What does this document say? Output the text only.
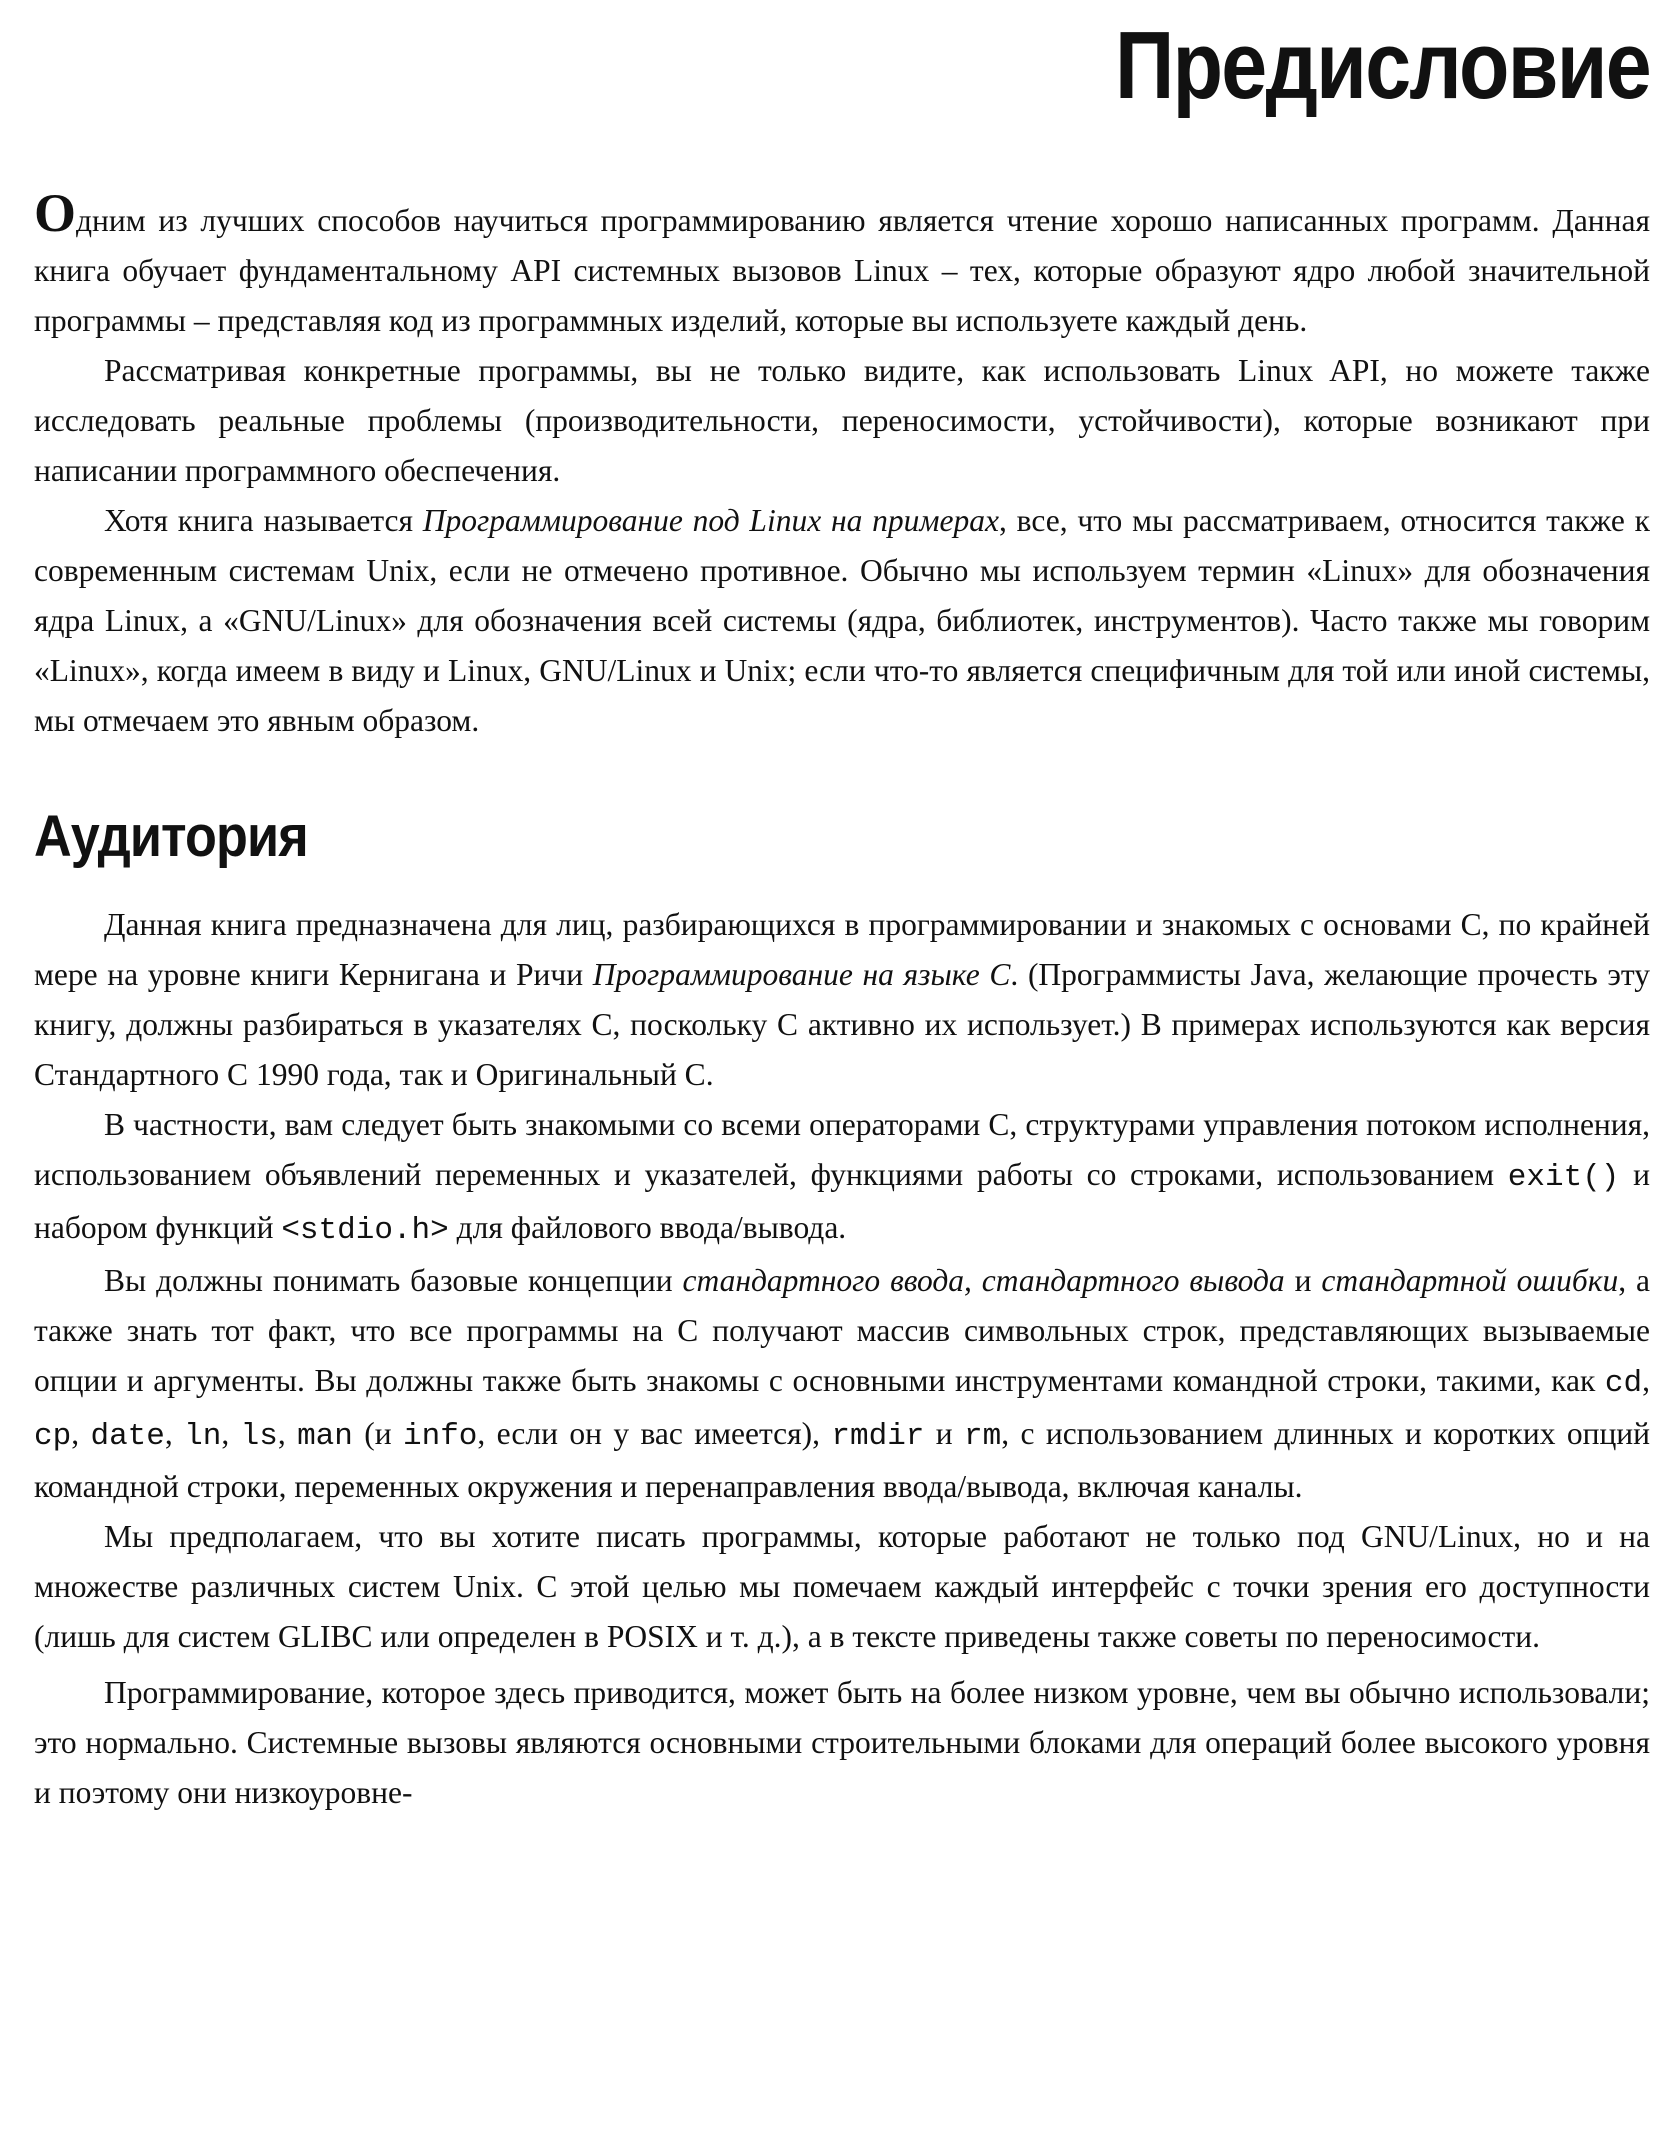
Предисловие

Одним из лучших способов научиться программированию является чтение хорошо написанных программ. Данная книга обучает фундаментальному API системных вызовов Linux – тех, которые образуют ядро любой значительной программы – представляя код из программных изделий, которые вы используете каждый день.

Рассматривая конкретные программы, вы не только видите, как использовать Linux API, но можете также исследовать реальные проблемы (производительности, переносимости, устойчивости), которые возникают при написании программного обеспечения.

Хотя книга называется Программирование под Linux на примерах, все, что мы рассматриваем, относится также к современным системам Unix, если не отмечено противное. Обычно мы используем термин «Linux» для обозначения ядра Linux, а «GNU/Linux» для обозначения всей системы (ядра, библиотек, инструментов). Часто также мы говорим «Linux», когда имеем в виду и Linux, GNU/Linux и Unix; если что-то является специфичным для той или иной системы, мы отмечаем это явным образом.

Аудитория

Данная книга предназначена для лиц, разбирающихся в программировании и знакомых с основами C, по крайней мере на уровне книги Кернигана и Ричи Программирование на языке C. (Программисты Java, желающие прочесть эту книгу, должны разбираться в указателях C, поскольку C активно их использует.) В примерах используются как версия Стандартного C 1990 года, так и Оригинальный C.

В частности, вам следует быть знакомыми со всеми операторами C, структурами управления потоком исполнения, использованием объявлений переменных и указателей, функциями работы со строками, использованием exit() и набором функций <stdio.h> для файлового ввода/вывода.

Вы должны понимать базовые концепции стандартного ввода, стандартного вывода и стандартной ошибки, а также знать тот факт, что все программы на C получают массив символьных строк, представляющих вызываемые опции и аргументы. Вы должны также быть знакомы с основными инструментами командной строки, такими, как cd, cp, date, ln, ls, man (и info, если он у вас имеется), rmdir и rm, с использованием длинных и коротких опций командной строки, переменных окружения и перенаправления ввода/вывода, включая каналы.

Мы предполагаем, что вы хотите писать программы, которые работают не только под GNU/Linux, но и на множестве различных систем Unix. С этой целью мы помечаем каждый интерфейс с точки зрения его доступности (лишь для систем GLIBC или определен в POSIX и т. д.), а в тексте приведены также советы по переносимости.

Программирование, которое здесь приводится, может быть на более низком уровне, чем вы обычно использовали; это нормально. Системные вызовы являются основными строительными блоками для операций более высокого уровня и поэтому они низкоуровне-
